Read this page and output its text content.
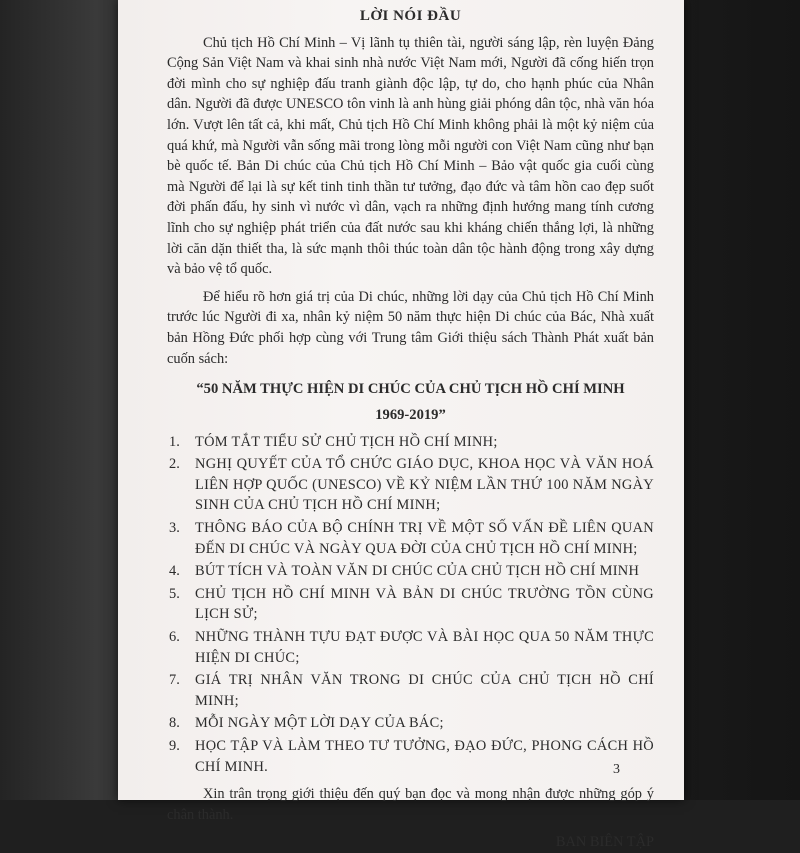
LỜI NÓI ĐẦU

Chủ tịch Hồ Chí Minh – Vị lãnh tụ thiên tài, người sáng lập, rèn luyện Đảng Cộng Sản Việt Nam và khai sinh nhà nước Việt Nam mới, Người đã cống hiến trọn đời mình cho sự nghiệp đấu tranh giành độc lập, tự do, cho hạnh phúc của Nhân dân. Người đã được UNESCO tôn vinh là anh hùng giải phóng dân tộc, nhà văn hóa lớn. Vượt lên tất cả, khi mất, Chủ tịch Hồ Chí Minh không phải là một kỷ niệm của quá khứ, mà Người vẫn sống mãi trong lòng mỗi người con Việt Nam cũng như bạn bè quốc tế. Bản Di chúc của Chủ tịch Hồ Chí Minh – Bảo vật quốc gia cuối cùng mà Người để lại là sự kết tinh tinh thần tư tưởng, đạo đức và tâm hồn cao đẹp suốt đời phấn đấu, hy sinh vì nước vì dân, vạch ra những định hướng mang tính cương lĩnh cho sự nghiệp phát triển của đất nước sau khi kháng chiến thắng lợi, là những lời căn dặn thiết tha, là sức mạnh thôi thúc toàn dân tộc hành động trong xây dựng và bảo vệ tổ quốc.

Để hiểu rõ hơn giá trị của Di chúc, những lời dạy của Chủ tịch Hồ Chí Minh trước lúc Người đi xa, nhân kỷ niệm 50 năm thực hiện Di chúc của Bác, Nhà xuất bản Hồng Đức phối hợp cùng với Trung tâm Giới thiệu sách Thành Phát xuất bản cuốn sách:

“50 NĂM THỰC HIỆN DI CHÚC CỦA CHỦ TỊCH HỒ CHÍ MINH
1969-2019”
1.	TÓM TẮT TIỂU SỬ CHỦ TỊCH HỒ CHÍ MINH;
2.	NGHỊ QUYẾT CỦA TỔ CHỨC GIÁO DỤC, KHOA HỌC VÀ VĂN HOÁ LIÊN HỢP QUỐC (UNESCO) VỀ KỶ NIỆM LẦN THỨ 100 NĂM NGÀY SINH CỦA CHỦ TỊCH HỒ CHÍ MINH;
3.	THÔNG BÁO CỦA BỘ CHÍNH TRỊ VỀ MỘT SỐ VẤN ĐỀ LIÊN QUAN ĐẾN DI CHÚC VÀ NGÀY QUA ĐỜI CỦA CHỦ TỊCH HỒ CHÍ MINH;
4.	BÚT TÍCH VÀ TOÀN VĂN DI CHÚC CỦA CHỦ TỊCH HỒ CHÍ MINH
5.	CHỦ TỊCH HỒ CHÍ MINH VÀ BẢN DI CHÚC TRƯỜNG TỒN CÙNG LỊCH SỬ;
6.	NHỮNG THÀNH TỰU ĐẠT ĐƯỢC VÀ BÀI HỌC QUA 50 NĂM THỰC HIỆN DI CHÚC;
7.	GIÁ TRỊ NHÂN VĂN TRONG DI CHÚC CỦA CHỦ TỊCH HỒ CHÍ MINH;
8.	MỖI NGÀY MỘT LỜI DẠY CỦA BÁC;
9.	HỌC TẬP VÀ LÀM THEO TƯ TƯỞNG, ĐẠO ĐỨC, PHONG CÁCH HỒ CHÍ MINH.

Xin trân trọng giới thiệu đến quý bạn đọc và mong nhận được những góp ý chân thành.

BAN BIÊN TẬP
3
